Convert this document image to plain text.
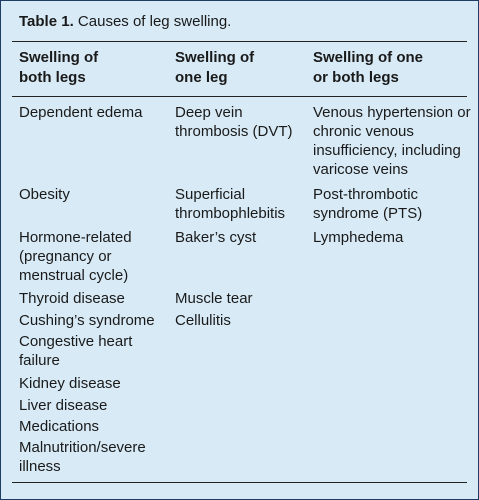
Table 1. Causes of leg swelling.
Swelling of
both legs
Swelling of
one leg
Swelling of one
or both legs
Dependent edema
Obesity
Hormone-related (pregnancy or menstrual cycle)
Thyroid disease
Cushing’s syndrome
Congestive heart failure
Kidney disease
Liver disease
Medications
Malnutrition/severe illness
Deep vein thrombosis (DVT)
Superficial thrombophlebitis
Baker’s cyst
Muscle tear
Cellulitis
Venous hypertension or chronic venous insufficiency, including varicose veins
Post-thrombotic syndrome (PTS)
Lymphedema
